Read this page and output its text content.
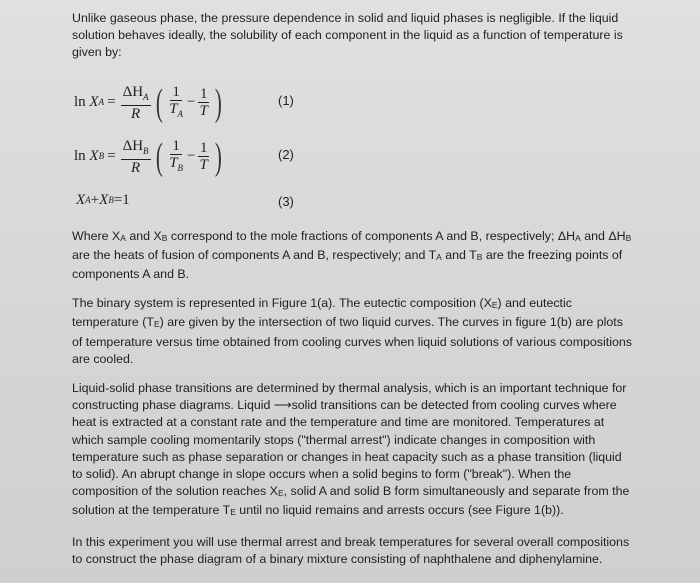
Unlike gaseous phase, the pressure dependence in solid and liquid phases is negligible. If the liquid solution behaves ideally, the solubility of each component in the liquid as a function of temperature is given by:

ln
X $A = \frac{\Delta H_A}{R}$ ( $\frac{1}{T_A} - \frac{1}{T}$ )	(1)
ln
X $B = \frac{\Delta H_B}{R}$ ( $\frac{1}{T_B} - \frac{1}{T}$ )	(2)
X A + X B =1	(3)

Where XA and XB correspond to the mole fractions of components A and B, respectively; ΔHA and ΔHB are the heats of fusion of components A and B, respectively; and TA and TB are the freezing points of components A and B.

The binary system is represented in Figure 1(a). The eutectic composition (XE) and eutectic temperature (TE) are given by the intersection of two liquid curves. The curves in figure 1(b) are plots of temperature versus time obtained from cooling curves when liquid solutions of various compositions are cooled.

Liquid-solid phase transitions are determined by thermal analysis, which is an important technique for constructing phase diagrams. Liquid ⟶solid transitions can be detected from cooling curves where heat is extracted at a constant rate and the temperature and time are monitored. Temperatures at which sample cooling momentarily stops ("thermal arrest") indicate changes in composition with temperature such as phase separation or changes in heat capacity such as a phase transition (liquid to solid). An abrupt change in slope occurs when a solid begins to form ("break"). When the composition of the solution reaches XE, solid A and solid B form simultaneously and separate from the solution at the temperature TE until no liquid remains and arrests occurs (see Figure 1(b)).

In this experiment you will use thermal arrest and break temperatures for several overall compositions to construct the phase diagram of a binary mixture consisting of naphthalene and diphenylamine.
